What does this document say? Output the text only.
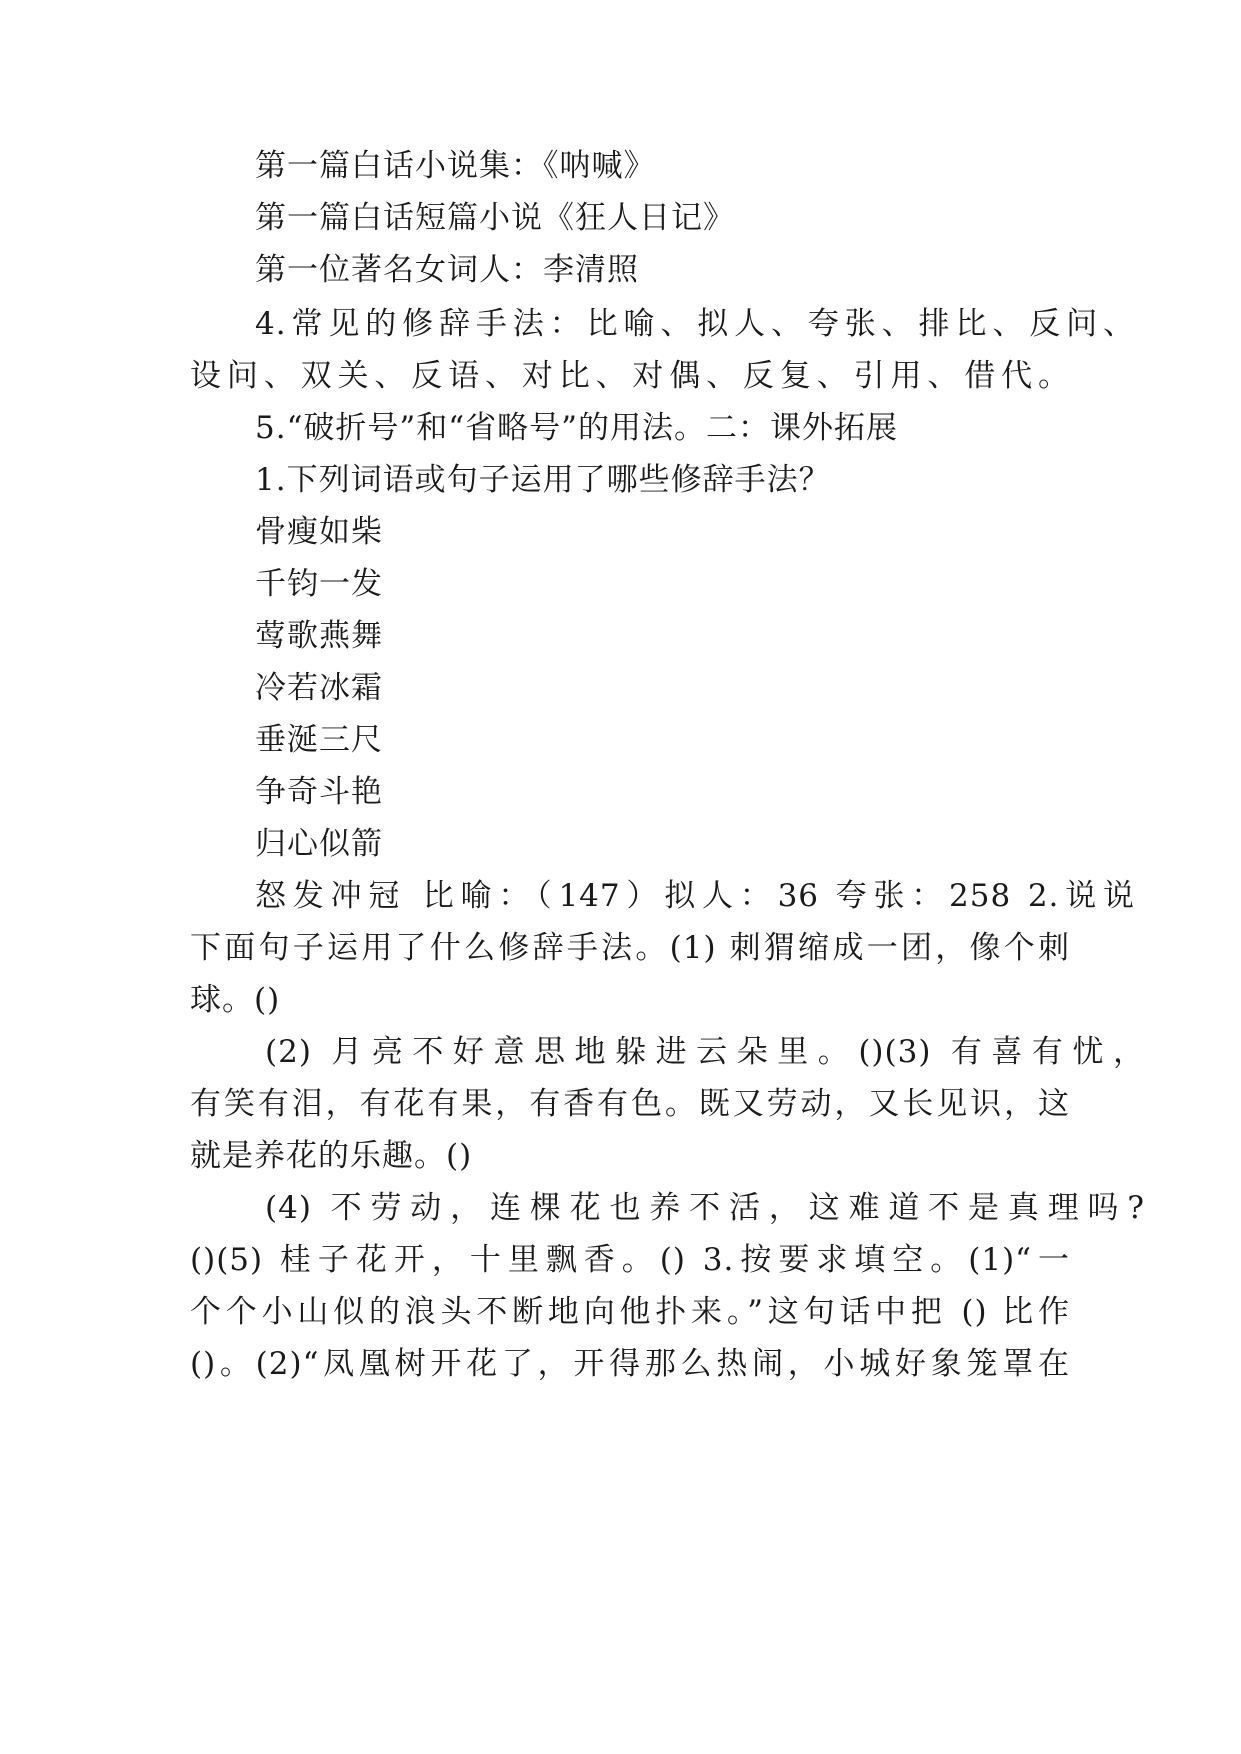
第一篇白话小说集：《呐喊》
第一篇白话短篇小说《狂人日记》
第一位著名女词人：李清照
4.常见的修辞手法：比喻、拟人、夸张、排比、反问、
设问、双关、反语、对比、对偶、反复、引用、借代。
5.“破折号”和“省略号”的用法。二：课外拓展
1.下列词语或句子运用了哪些修辞手法？
骨瘦如柴
千钧一发
莺歌燕舞
冷若冰霜
垂涎三尺
争奇斗艳
归心似箭
怒发冲冠 比喻：（147）拟人：36 夸张：258 2.说说
下面句子运用了什么修辞手法。(1) 刺猬缩成一团，像个刺
球。()
(2) 月亮不好意思地躲进云朵里。()(3) 有喜有忧，
有笑有泪，有花有果，有香有色。既又劳动，又长见识，这
就是养花的乐趣。()
(4) 不劳动，连棵花也养不活，这难道不是真理吗?
()(5) 桂子花开，十里飘香。() 3.按要求填空。(1)“一
个个小山似的浪头不断地向他扑来。”这句话中把 () 比作
()。(2)“凤凰树开花了，开得那么热闹，小城好象笼罩在
